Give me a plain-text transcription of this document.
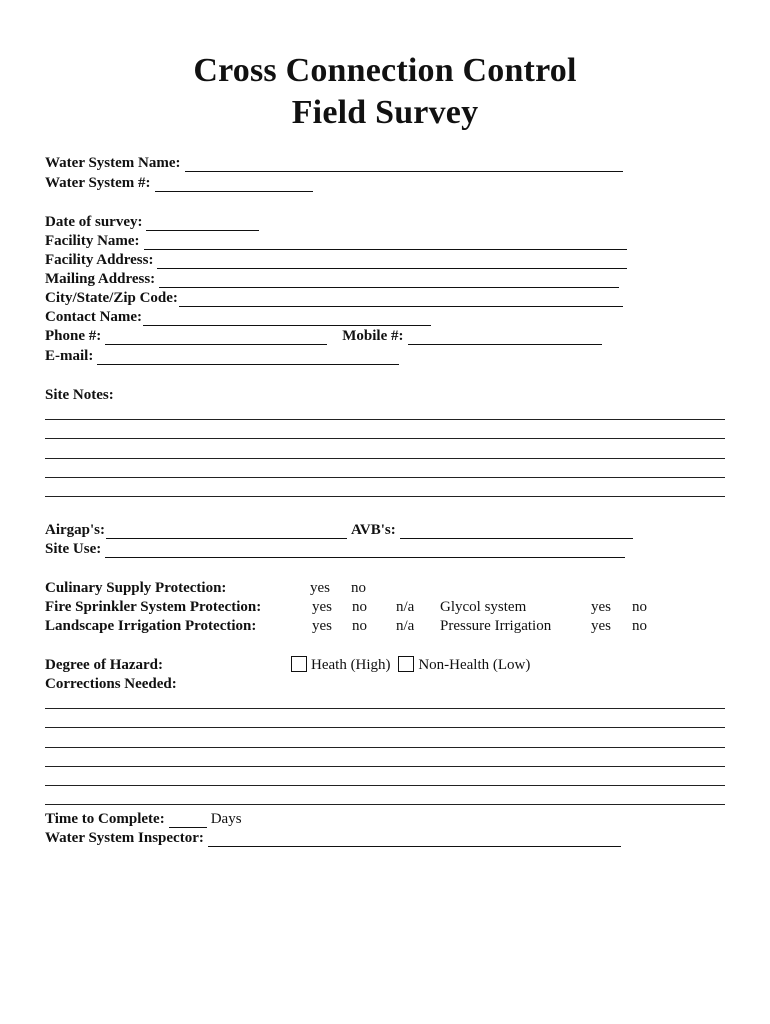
Cross Connection Control
Field Survey
Water System Name:
Water System #:
Date of survey:
Facility Name:
Facility Address:
Mailing Address:
City/State/Zip Code:
Contact Name:
Phone #:	Mobile #:
E-mail:
Site Notes:
Airgap's:	AVB's:
Site Use:
Culinary Supply Protection:	yes no
Fire Sprinkler System Protection:	yes no n/a Glycol system	yes no
Landscape Irrigation Protection:	yes no n/a Pressure Irrigation	yes no
Degree of Hazard:	Heath (High) Non-Health (Low)
Corrections Needed:
Time to Complete:	Days
Water System Inspector:
